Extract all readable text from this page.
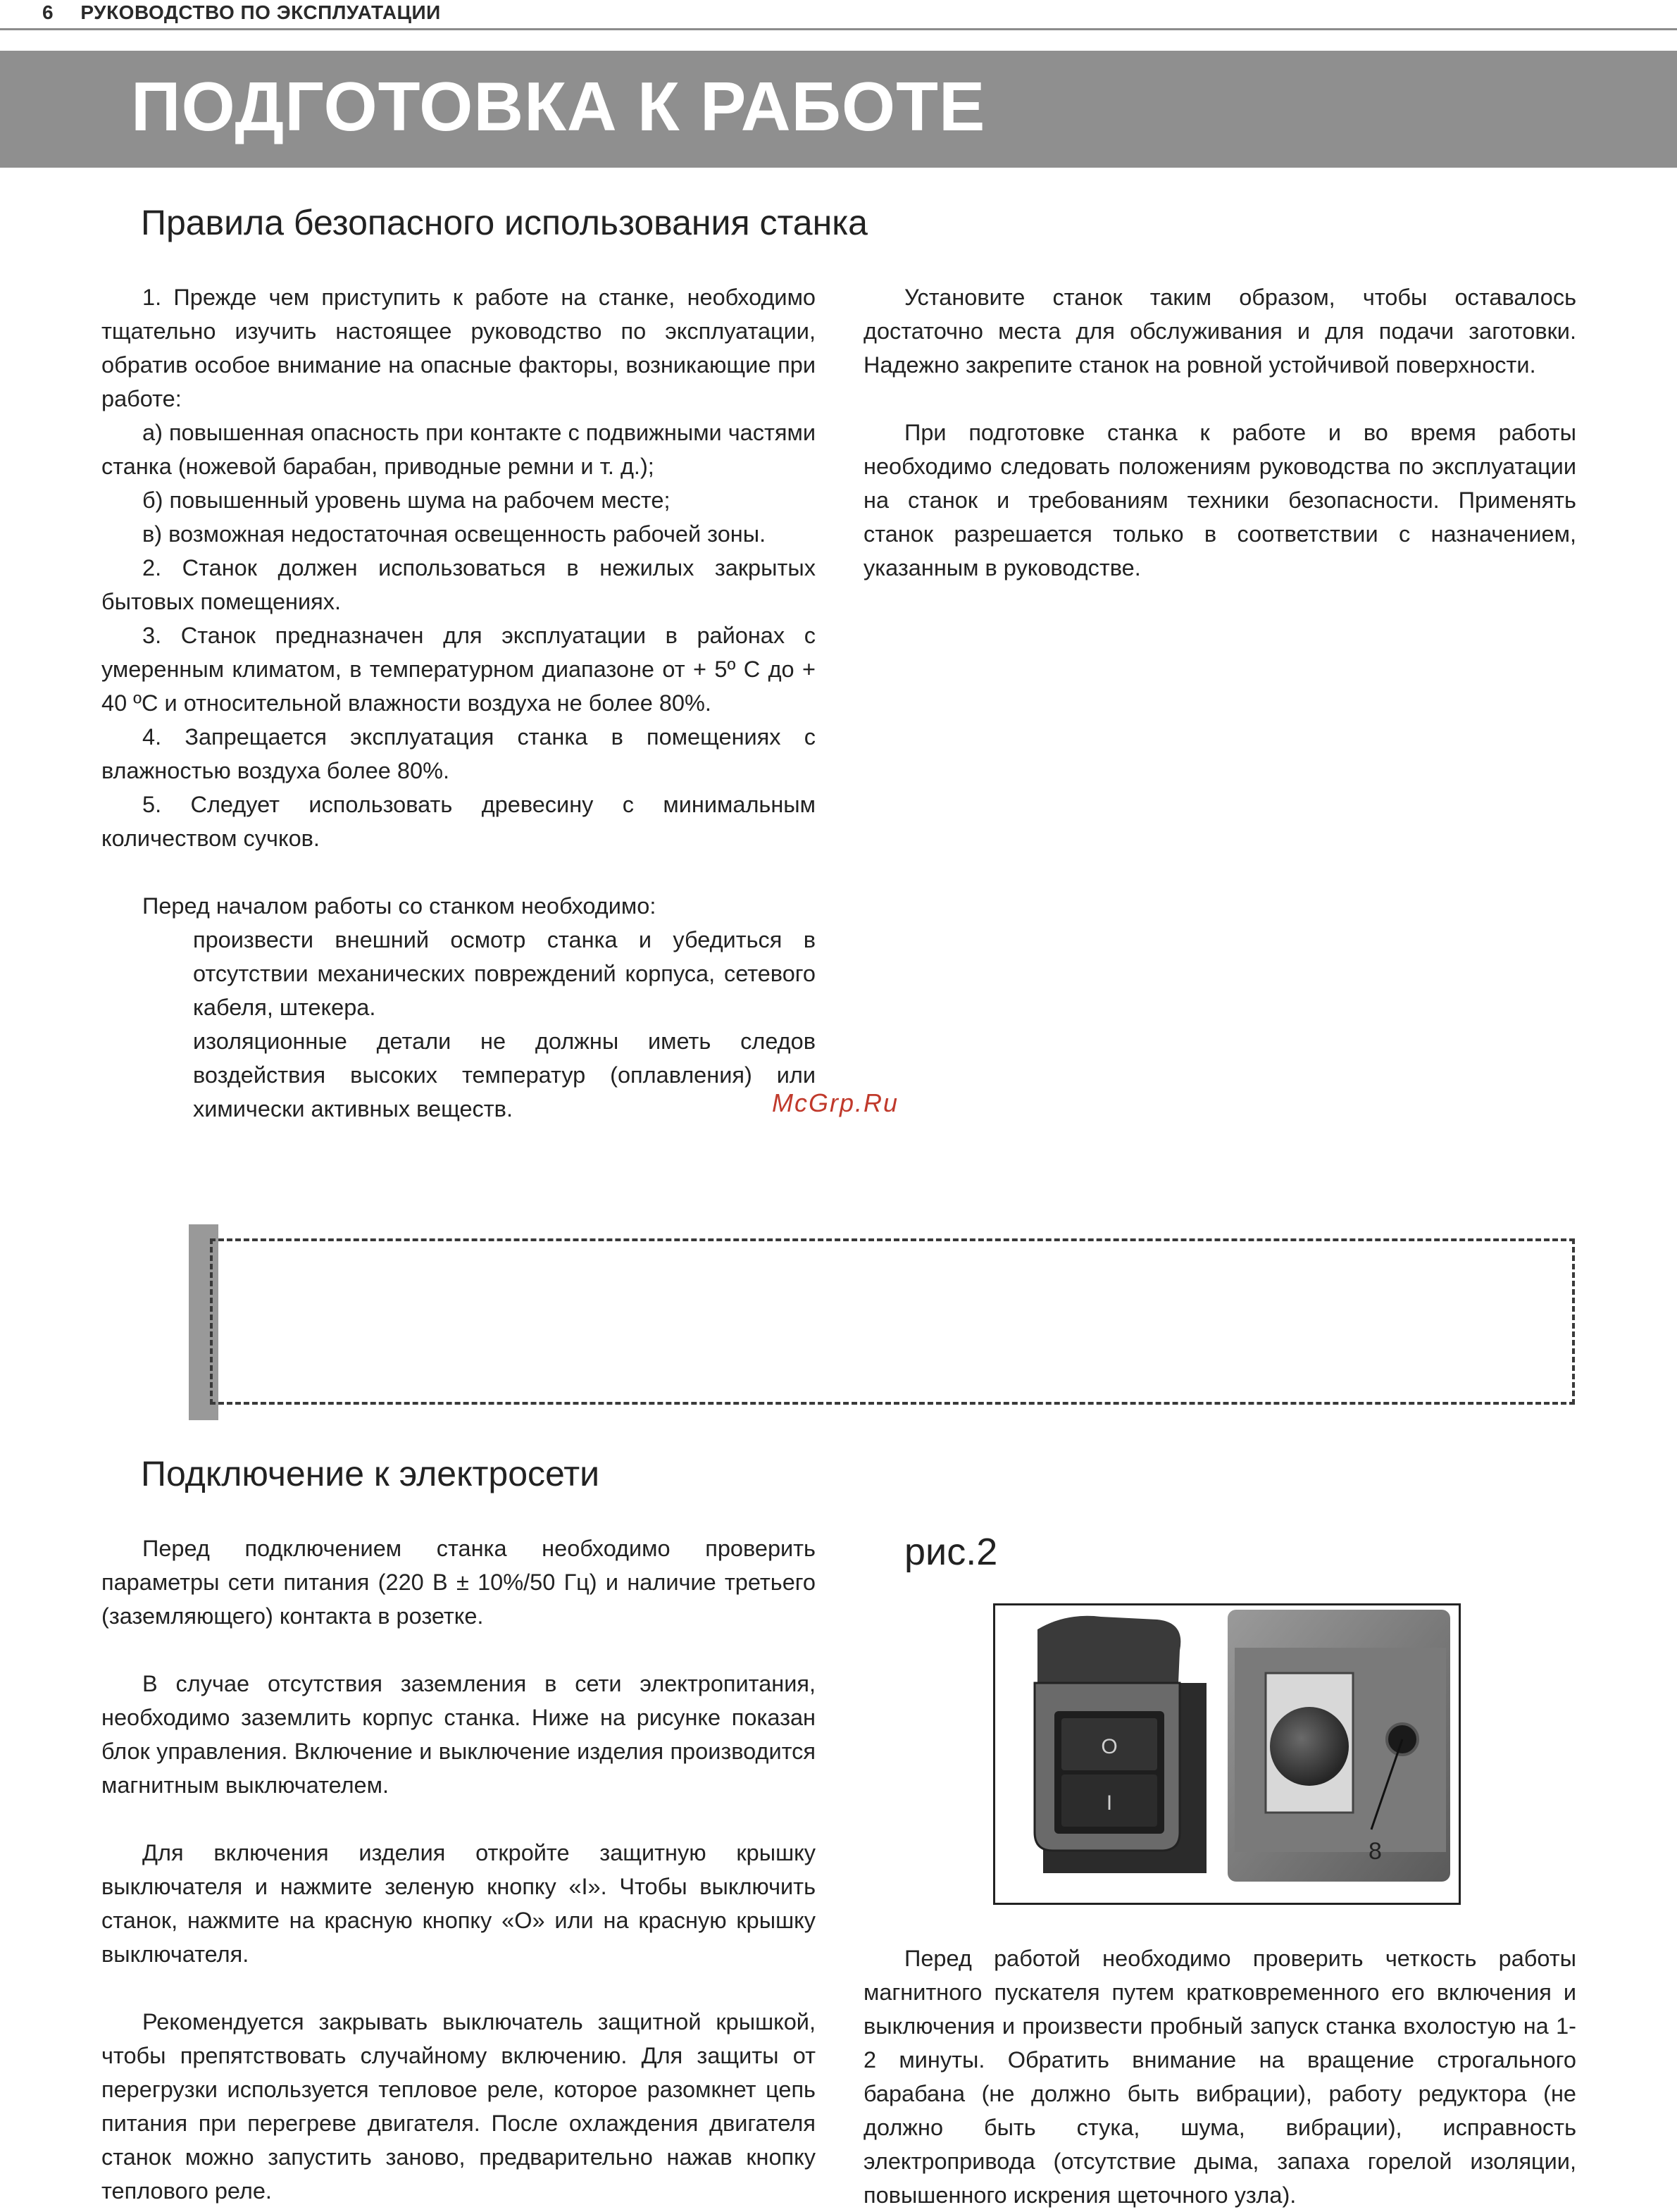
6 РУКОВОДСТВО ПО ЭКСПЛУАТАЦИИ
ПОДГОТОВКА К РАБОТЕ
Правила безопасного использования станка

1. Прежде чем приступить к работе на станке, необходимо тщательно изучить настоящее руководство по эксплуатации, обратив особое внимание на опасные факторы, возникающие при работе:

а) повышенная опасность при контакте с подвижными частями станка (ножевой барабан, приводные ремни и т. д.);

б) повышенный уровень шума на рабочем месте;

в) возможная недостаточная освещенность рабочей зоны.

2. Станок должен использоваться в нежилых закрытых бытовых помещениях.

3. Станок предназначен для эксплуатации в районах с умеренным климатом, в температурном диапазоне от + 5º С до + 40 ºС и относительной влажности воздуха не более 80%.

4. Запрещается эксплуатация станка в помещениях с влажностью воздуха более 80%.

5. Следует использовать древесину с минимальным количеством сучков.

Перед началом работы со станком необходимо:

произвести внешний осмотр станка и убедиться в отсутствии механических повреждений корпуса, сетевого кабеля, штекера.

изоляционные детали не должны иметь следов воздействия высоких температур (оплавления) или химически активных веществ.

Установите станок таким образом, чтобы оставалось достаточно места для обслуживания и для подачи заготовки. Надежно закрепите станок на ровной устойчивой поверхности.

При подготовке станка к работе и во время работы необходимо следовать положениям руководства по эксплуатации на станок и требованиям техники безопасности. Применять станок разрешается только в соответствии с назначением, указанным в руководстве.

McGrp.Ru
Подключение к электросети

Перед подключением станка необходимо проверить параметры сети питания (220 В ± 10%/50 Гц) и наличие третьего (заземляющего) контакта в розетке.

В случае отсутствия заземления в сети электропитания, необходимо заземлить корпус станка. Ниже на рисунке показан блок управления. Включение и выключение изделия производится магнитным выключателем.

Для включения изделия откройте защитную крышку выключателя и нажмите зеленую кнопку «I». Чтобы выключить станок, нажмите на красную кнопку «О» или на красную крышку выключателя.

Рекомендуется закрывать выключатель защитной крышкой, чтобы препятствовать случайному включению. Для защиты от перегрузки используется тепловое реле, которое разомкнет цепь питания при перегреве двигателя. После охлаждения двигателя станок можно запустить заново, предварительно нажав кнопку теплового реле.

рис.2

O
I
8

Перед работой необходимо проверить четкость работы магнитного пускателя путем кратковременного его включения и выключения и произвести пробный запуск станка вхолостую на 1-2 минуты. Обратить внимание на вращение строгального барабана (не должно быть вибрации), работу редуктора (не должно быть стука, шума, вибрации), исправность электропривода (отсутствие дыма, запаха горелой изоляции, повышенного искрения щеточного узла).
